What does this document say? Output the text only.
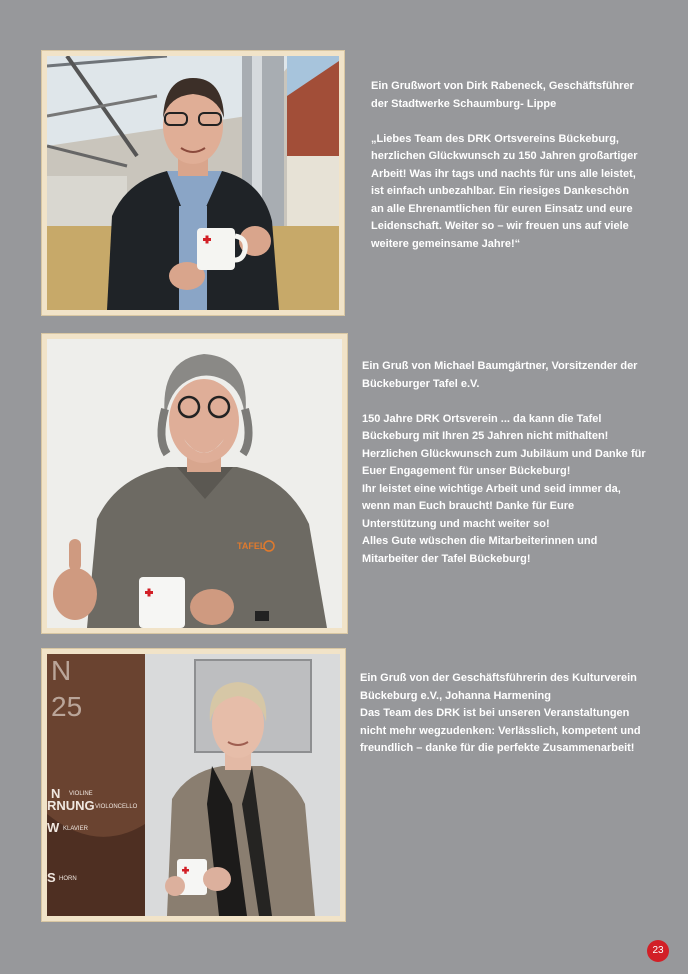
Ein Grußwort von Dirk Rabeneck, Geschäftsführer

der Stadtwerke Schaumburg- Lippe

„Liebes Team des DRK Ortsvereins Bückeburg,

herzlichen Glückwunsch zu 150 Jahren großartiger

Arbeit! Was ihr tags und nachts für uns alle leistet,

ist einfach unbezahlbar. Ein riesiges Dankeschön

an alle Ehrenamtlichen für euren Einsatz und eure

Leidenschaft. Weiter so – wir freuen uns auf viele

weitere gemeinsame Jahre!“

TAFEL

Ein Gruß von Michael Baumgärtner, Vorsitzender der

Bückeburger Tafel e.V.

150 Jahre DRK Ortsverein ... da kann die Tafel

Bückeburg mit Ihren 25 Jahren nicht mithalten!

Herzlichen Glückwunsch zum Jubiläum und Danke für

Euer Engagement für unser Bückeburg!

Ihr leistet eine wichtige Arbeit und seid immer da,

wenn man Euch braucht! Danke für Eure

Unterstützung und macht weiter so!

Alles Gute wüschen die Mitarbeiterinnen und

Mitarbeiter der Tafel Bückeburg!

N
25
N VIOLINE
RNUNG VIOLONCELLO
W KLAVIER
S HORN

Ein Gruß von der Geschäftsführerin des Kulturverein

Bückeburg e.V., Johanna Harmening

Das Team des DRK ist bei unseren Veranstaltungen

nicht mehr wegzudenken: Verlässlich, kompetent und

freundlich – danke für die perfekte Zusammenarbeit!

23
